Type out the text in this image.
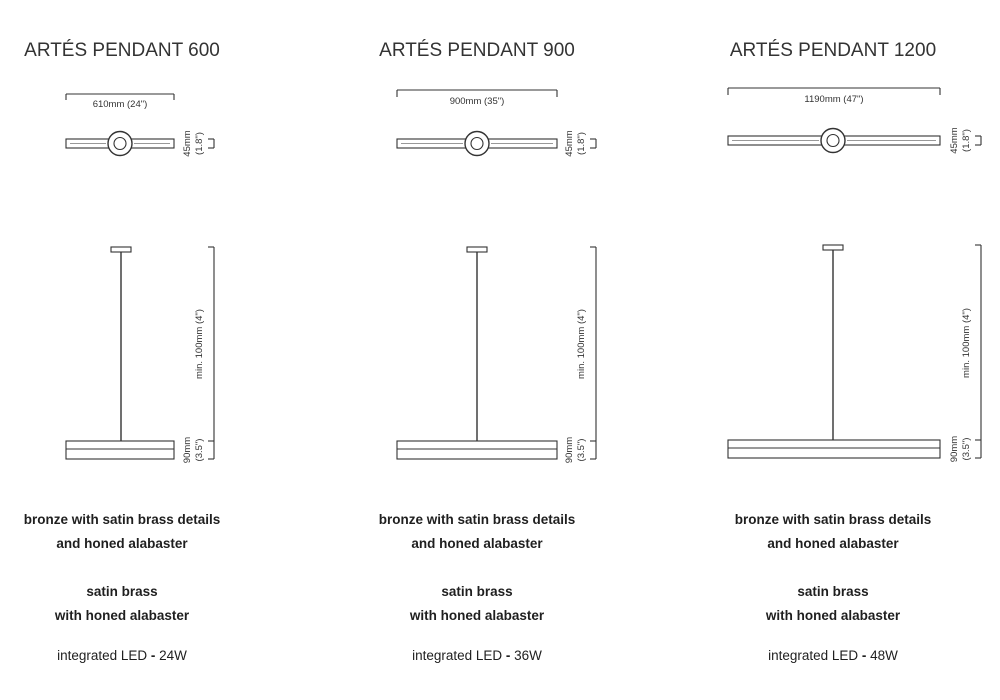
ARTÉS PENDANT 600	ARTÉS PENDANT 900	ARTÉS PENDANT 1200
610mm (24")	900mm (35")	1190mm (47")
45mm (1.8")	45mm (1.8")	45mm (1.8")
min. 100mm (4")	min. 100mm (4")	min. 100mm (4")
90mm (3.5")	90mm (3.5")	90mm (3.5")
bronze with satin brass details
and honed alabaster
bronze with satin brass details
and honed alabaster
bronze with satin brass details
and honed alabaster
satin brass
with honed alabaster
satin brass
with honed alabaster
satin brass
with honed alabaster
integrated LED - 24W	integrated LED - 36W	integrated LED - 48W
